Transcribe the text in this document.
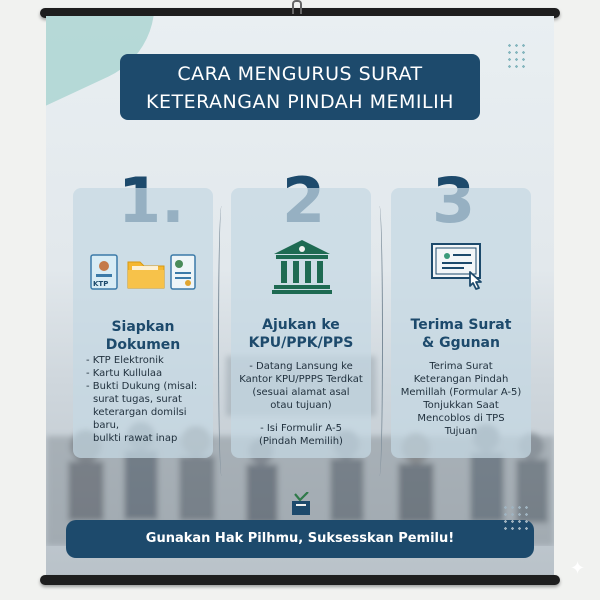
CARA MENGURUS SURAT
KETERANGAN PINDAH MEMILIH
KTP
Siapkan Dokumen
- KTP Elektronik
- Kartu Kullulaa
- Bukti Dukung (misal:
surat tugas, surat
keterargan domilsi baru,
bulkti rawat inap
Ajukan ke
KPU/PPK/PPS
- Datang Lansung ke
Kantor KPU/PPPS Terdkat
(sesuai alamat asal
otau tujuan)
- Isi Formulir A-5
(Pindah Memilih)
Terima Surat
& Ggunan
Terima Surat
Keterangan Pindah
Memillah (Formular A-5)
Tonjukkan Saat
Mencoblos di TPS
Tujuan
Gunakan Hak Pilhmu, Suksesskan Pemilu!
✦
